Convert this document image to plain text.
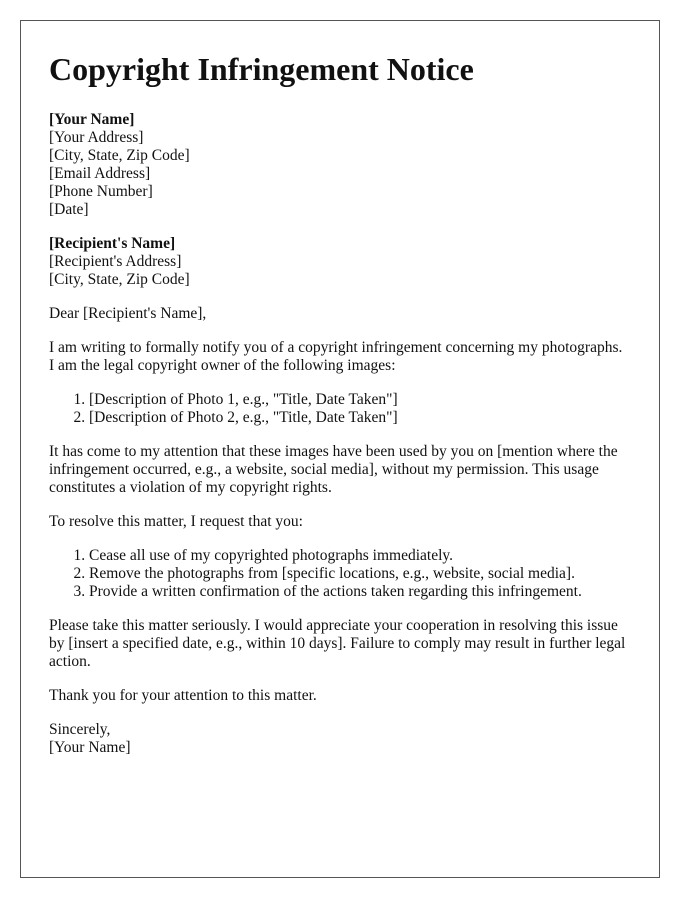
Copyright Infringement Notice
[Your Name]
[Your Address]
[City, State, Zip Code]
[Email Address]
[Phone Number]
[Date]
[Recipient's Name]
[Recipient's Address]
[City, State, Zip Code]

Dear [Recipient's Name],

I am writing to formally notify you of a copyright infringement concerning my photographs. I am the legal copyright owner of the following images:

1. [Description of Photo 1, e.g., "Title, Date Taken"]
2. [Description of Photo 2, e.g., "Title, Date Taken"]

It has come to my attention that these images have been used by you on [mention where the infringement occurred, e.g., a website, social media], without my permission. This usage constitutes a violation of my copyright rights.

To resolve this matter, I request that you:

1. Cease all use of my copyrighted photographs immediately.
2. Remove the photographs from [specific locations, e.g., website, social media].
3. Provide a written confirmation of the actions taken regarding this infringement.

Please take this matter seriously. I would appreciate your cooperation in resolving this issue by [insert a specified date, e.g., within 10 days]. Failure to comply may result in further legal action.

Thank you for your attention to this matter.

Sincerely,
[Your Name]
